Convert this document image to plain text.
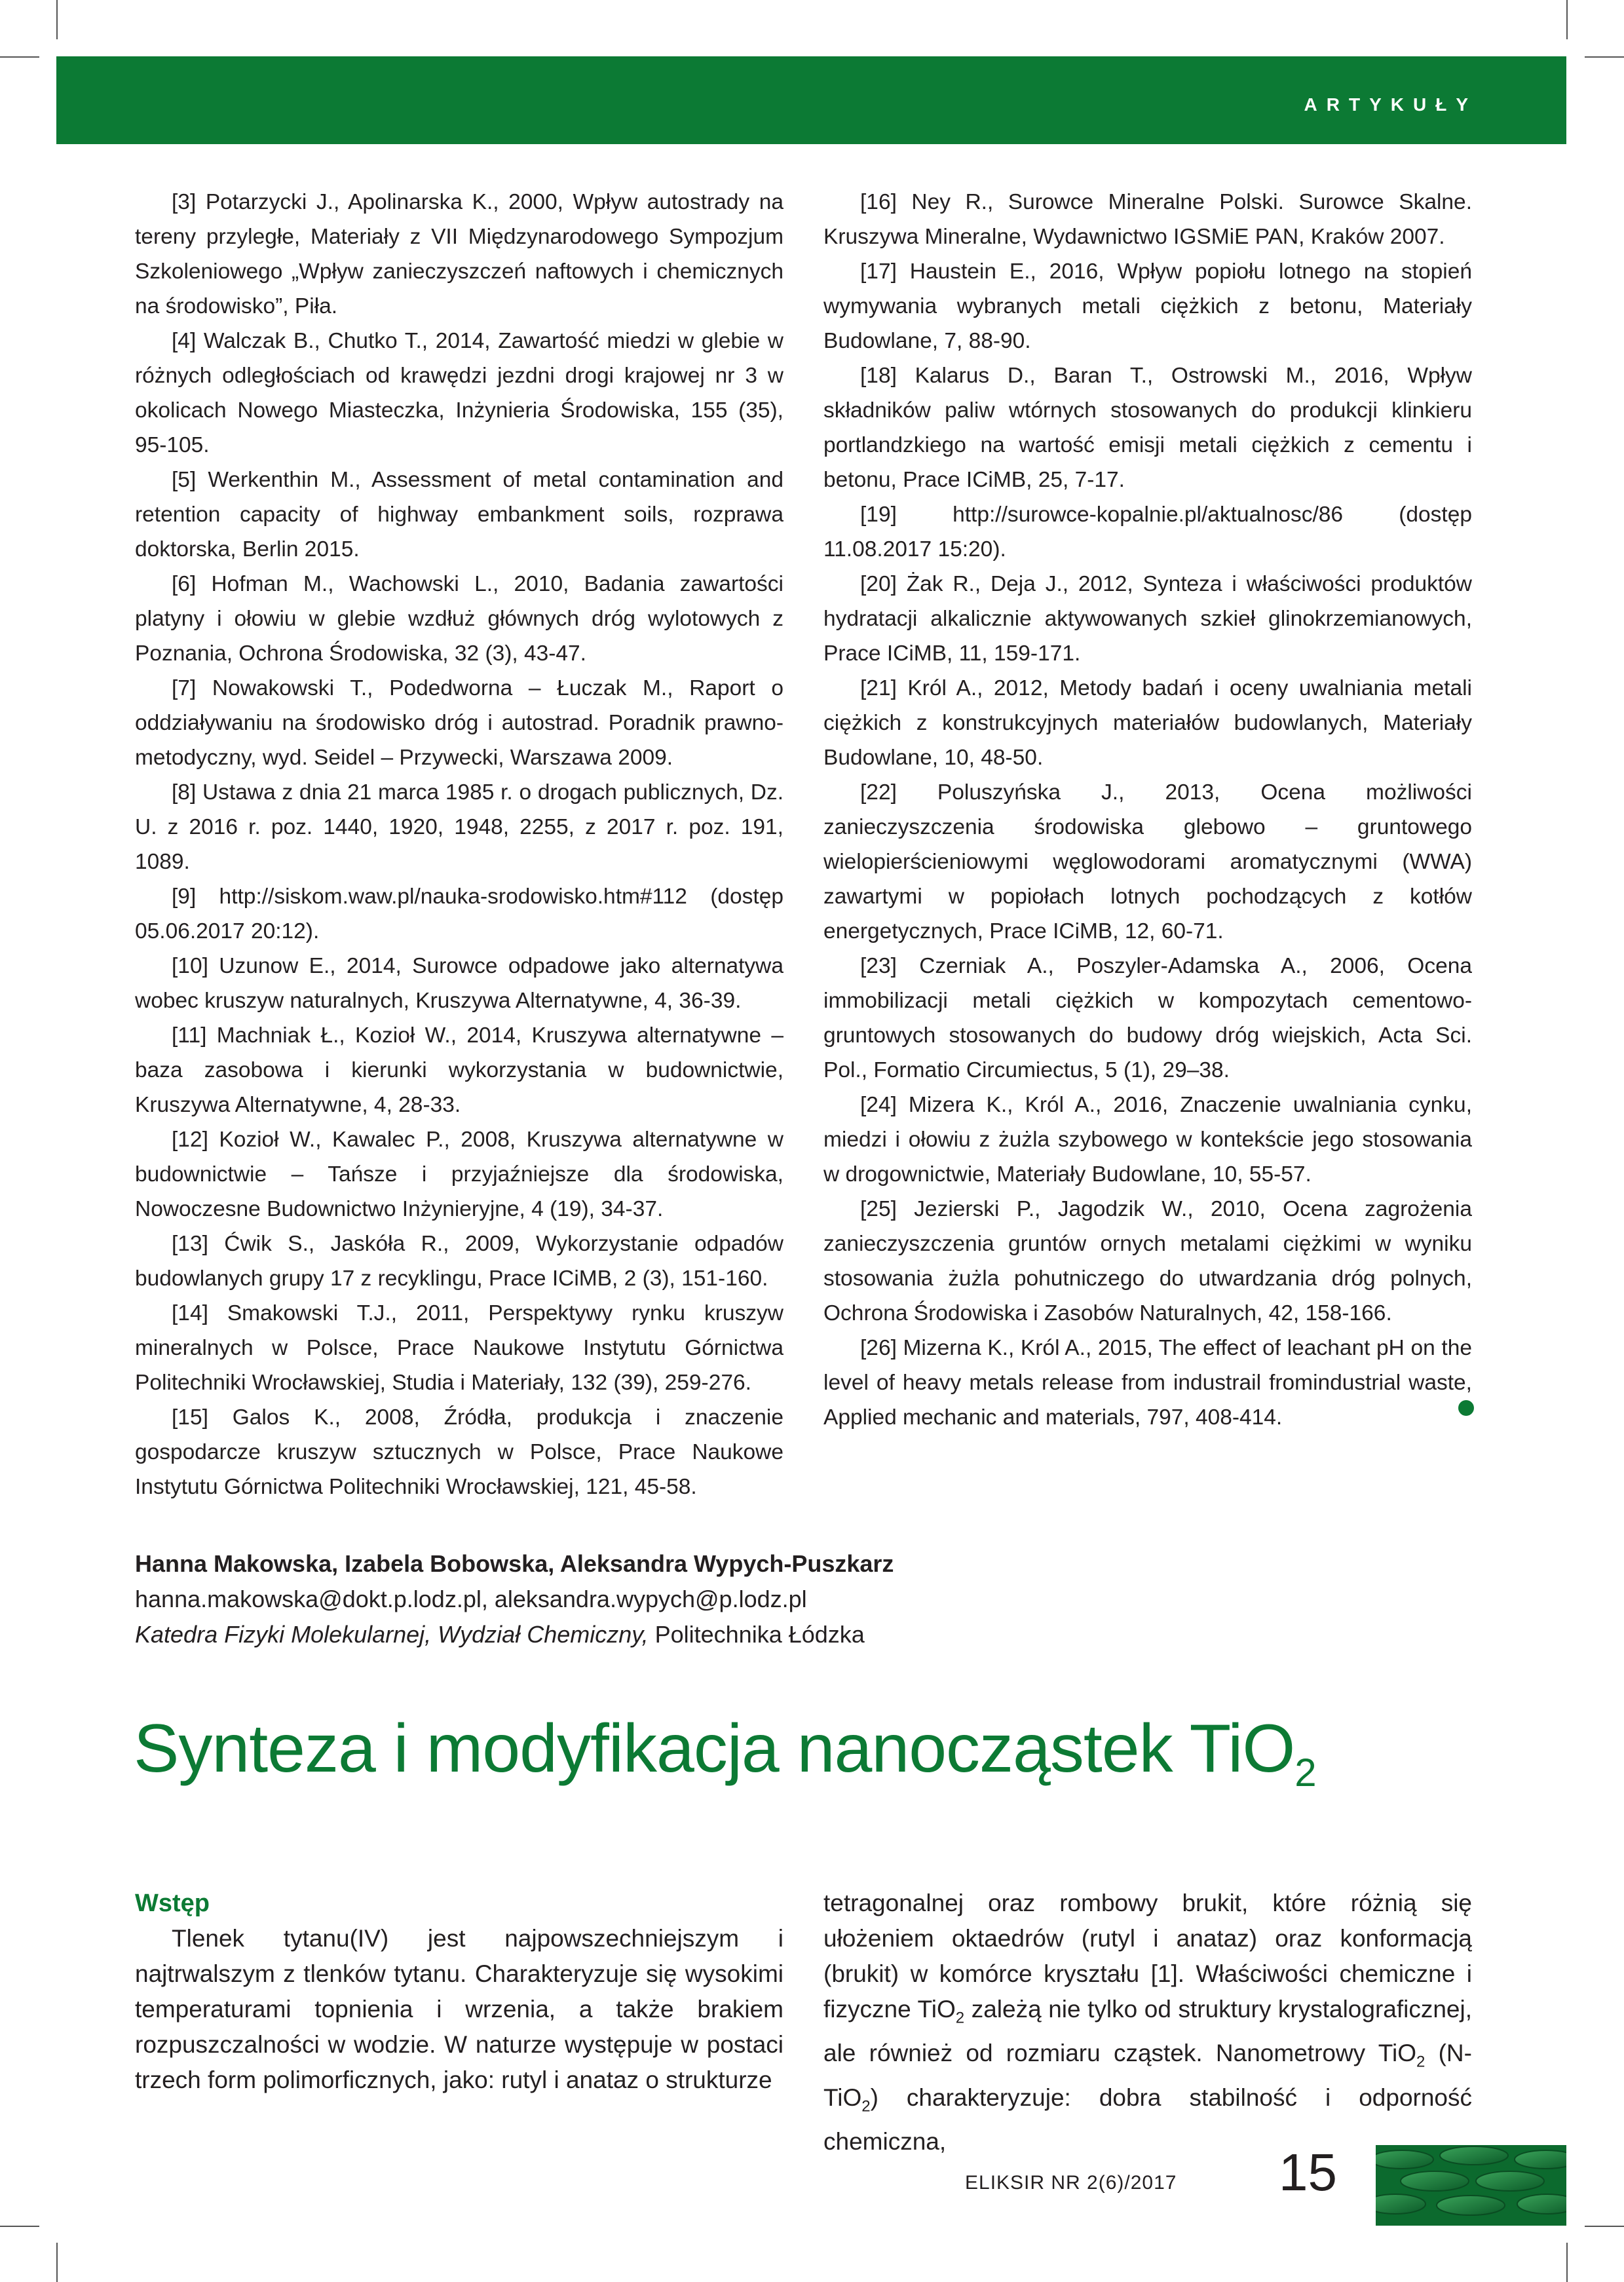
ARTYKUŁY

[3] Potarzycki J., Apolinarska K., 2000, Wpływ autostrady na tereny przyległe, Materiały z VII Międzynarodowego Sympozjum Szkoleniowego „Wpływ zanieczyszczeń naftowych i chemicznych na środowisko”, Piła.

[4] Walczak B., Chutko T., 2014, Zawartość miedzi w glebie w różnych odległościach od krawędzi jezdni drogi krajowej nr 3 w okolicach Nowego Miasteczka, Inżynieria Środowiska, 155 (35), 95-105.

[5] Werkenthin M., Assessment of metal contamination and retention capacity of highway embankment soils, rozprawa doktorska, Berlin 2015.

[6] Hofman M., Wachowski L., 2010, Badania zawartości platyny i ołowiu w glebie wzdłuż głównych dróg wylotowych z Poznania, Ochrona Środowiska, 32 (3), 43-47.

[7] Nowakowski T., Podedworna – Łuczak M., Raport o oddziaływaniu na środowisko dróg i autostrad. Poradnik prawno-metodyczny, wyd. Seidel – Przywecki, Warszawa 2009.

[8] Ustawa z dnia 21 marca 1985 r. o drogach publicznych, Dz. U. z 2016 r. poz. 1440, 1920, 1948, 2255, z 2017 r. poz. 191, 1089.

[9] http://siskom.waw.pl/nauka-srodowisko.htm#112 (dostęp 05.06.2017 20:12).

[10] Uzunow E., 2014, Surowce odpadowe jako alternatywa wobec kruszyw naturalnych, Kruszywa Alternatywne, 4, 36-39.

[11] Machniak Ł., Kozioł W., 2014, Kruszywa alternatywne – baza zasobowa i kierunki wykorzystania w budownictwie, Kruszywa Alternatywne, 4, 28-33.

[12] Kozioł W., Kawalec P., 2008, Kruszywa alternatywne w budownictwie – Tańsze i przyjaźniejsze dla środowiska, Nowoczesne Budownictwo Inżynieryjne, 4 (19), 34-37.

[13] Ćwik S., Jaskóła R., 2009, Wykorzystanie odpadów budowlanych grupy 17 z recyklingu, Prace ICiMB, 2 (3), 151-160.

[14] Smakowski T.J., 2011, Perspektywy rynku kruszyw mineralnych w Polsce, Prace Naukowe Instytutu Górnictwa Politechniki Wrocławskiej, Studia i Materiały, 132 (39), 259-276.

[15] Galos K., 2008, Źródła, produkcja i znaczenie gospodarcze kruszyw sztucznych w Polsce, Prace Naukowe Instytutu Górnictwa Politechniki Wrocławskiej, 121, 45-58.

[16] Ney R., Surowce Mineralne Polski. Surowce Skalne. Kruszywa Mineralne, Wydawnictwo IGSMiE PAN, Kraków 2007.

[17] Haustein E., 2016, Wpływ popiołu lotnego na stopień wymywania wybranych metali ciężkich z betonu, Materiały Budowlane, 7, 88-90.

[18] Kalarus D., Baran T., Ostrowski M., 2016, Wpływ składników paliw wtórnych stosowanych do produkcji klinkieru portlandzkiego na wartość emisji metali ciężkich z cementu i betonu, Prace ICiMB, 25, 7-17.

[19] http://surowce-kopalnie.pl/aktualnosc/86 (dostęp 11.08.2017 15:20).

[20] Żak R., Deja J., 2012, Synteza i właściwości produktów hydratacji alkalicznie aktywowanych szkieł glinokrzemianowych, Prace ICiMB, 11, 159-171.

[21] Król A., 2012, Metody badań i oceny uwalniania metali ciężkich z konstrukcyjnych materiałów budowlanych, Materiały Budowlane, 10, 48-50.

[22] Poluszyńska J., 2013, Ocena możliwości zanieczyszczenia środowiska glebowo – gruntowego wielopierścieniowymi węglowodorami aromatycznymi (WWA) zawartymi w popiołach lotnych pochodzących z kotłów energetycznych, Prace ICiMB, 12, 60-71.

[23] Czerniak A., Poszyler-Adamska A., 2006, Ocena immobilizacji metali ciężkich w kompozytach cementowo-gruntowych stosowanych do budowy dróg wiejskich, Acta Sci. Pol., Formatio Circumiectus, 5 (1), 29–38.

[24] Mizera K., Król A., 2016, Znaczenie uwalniania cynku, miedzi i ołowiu z żużla szybowego w kontekście jego stosowania w drogownictwie, Materiały Budowlane, 10, 55-57.

[25] Jezierski P., Jagodzik W., 2010, Ocena zagrożenia zanieczyszczenia gruntów ornych metalami ciężkimi w wyniku stosowania żużla pohutniczego do utwardzania dróg polnych, Ochrona Środowiska i Zasobów Naturalnych, 42, 158-166.

[26] Mizerna K., Król A., 2015, The effect of leachant pH on the level of heavy metals release from industrail fromindustrial waste, Applied mechanic and materials, 797, 408-414.

Hanna Makowska, Izabela Bobowska, Aleksandra Wypych-Puszkarz
hanna.makowska@dokt.p.lodz.pl, aleksandra.wypych@p.lodz.pl
Katedra Fizyki Molekularnej, Wydział Chemiczny, Politechnika Łódzka
Synteza i modyfikacja nanocząstek TiO$_2$
Wstęp

Tlenek tytanu(IV) jest najpowszechniejszym i najtrwalszym z tlenków tytanu. Charakteryzuje się wysokimi temperaturami topnienia i wrzenia, a także brakiem rozpuszczalności w wodzie. W naturze występuje w postaci trzech form polimorficznych, jako: rutyl i anataz o strukturze

tetragonalnej oraz rombowy brukit, które różnią się ułożeniem oktaedrów (rutyl i anataz) oraz konformacją (brukit) w komórce kryształu [1]. Właściwości chemiczne i fizyczne TiO$_2$ zależą nie tylko od struktury krystalograficznej, ale również od rozmiaru cząstek. Nanometrowy TiO$_2$ (N-TiO$_2$) charakteryzuje: dobra stabilność i odporność chemiczna,

ELIKSIR NR 2(6)/2017 15
